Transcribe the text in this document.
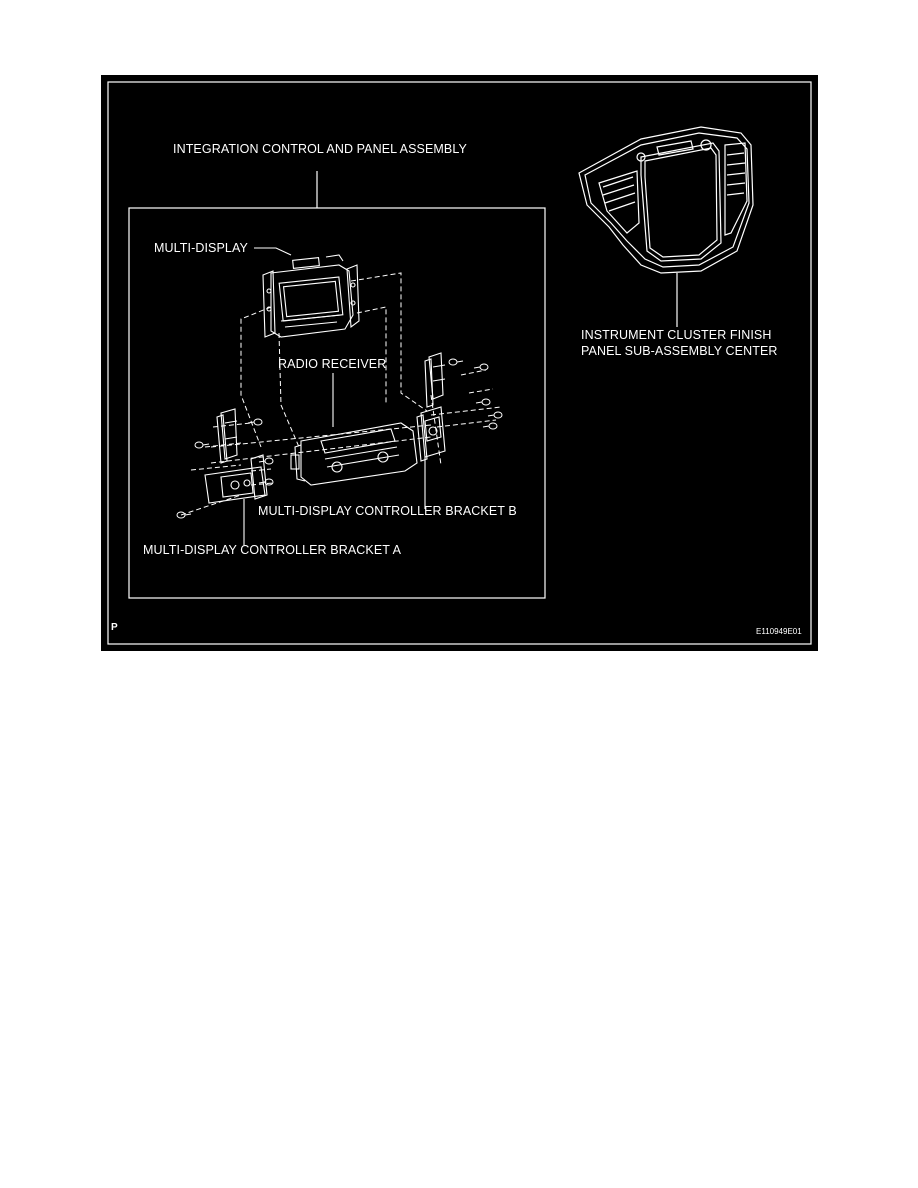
INTEGRATION CONTROL AND PANEL ASSEMBLY
MULTI-DISPLAY
RADIO RECEIVER
MULTI-DISPLAY CONTROLLER BRACKET B
MULTI-DISPLAY CONTROLLER BRACKET A
INSTRUMENT CLUSTER FINISH
PANEL SUB-ASSEMBLY CENTER
P	E110949E01
